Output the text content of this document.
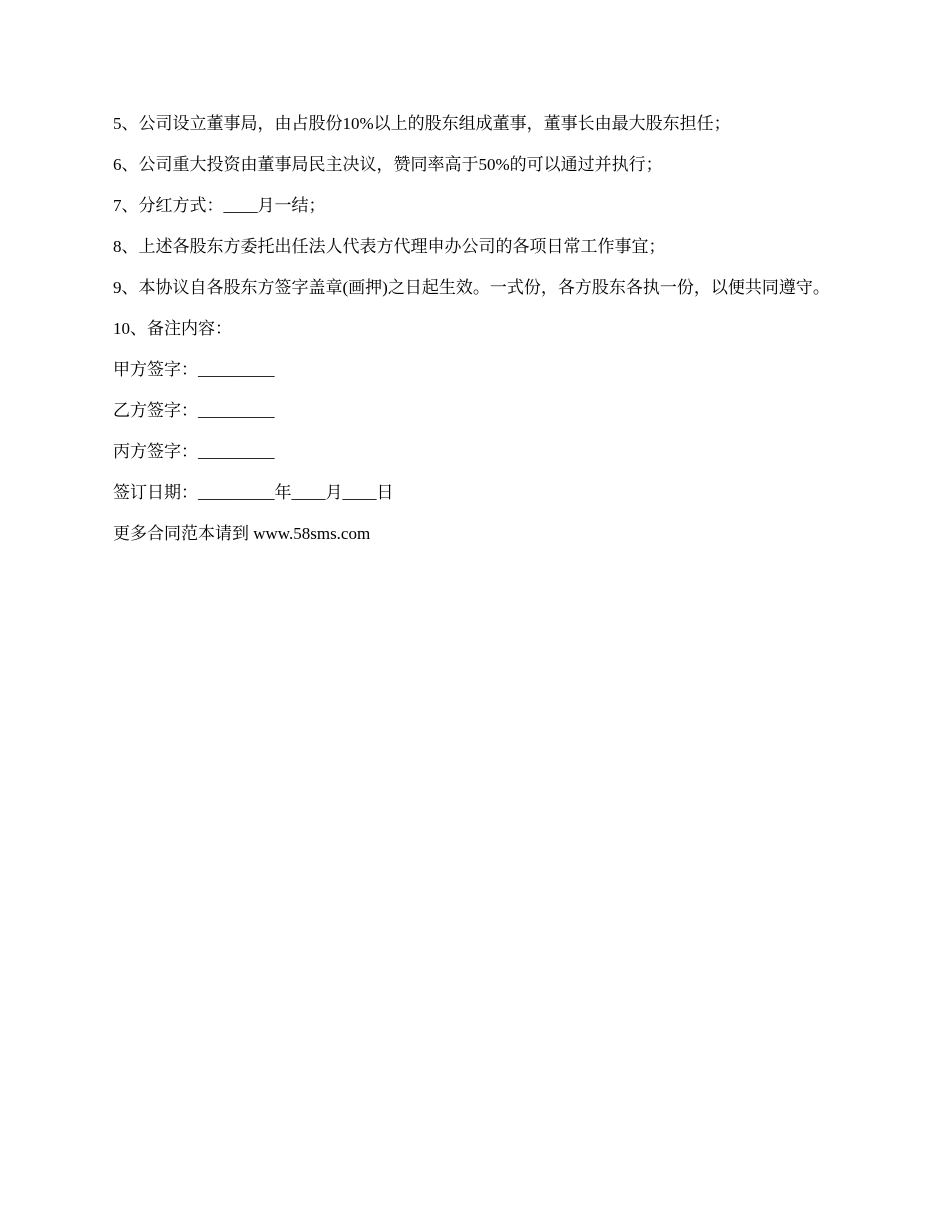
5、公司设立董事局，由占股份10%以上的股东组成董事，董事长由最大股东担任；

6、公司重大投资由董事局民主决议，赞同率高于50%的可以通过并执行；

7、分红方式：____月一结；

8、上述各股东方委托出任法人代表方代理申办公司的各项日常工作事宜；

9、本协议自各股东方签字盖章(画押)之日起生效。一式份，各方股东各执一份，以便共同遵守。

10、备注内容：

甲方签字：_________

乙方签字：_________

丙方签字：_________

签订日期：_________年____月____日

更多合同范本请到 www.58sms.com
